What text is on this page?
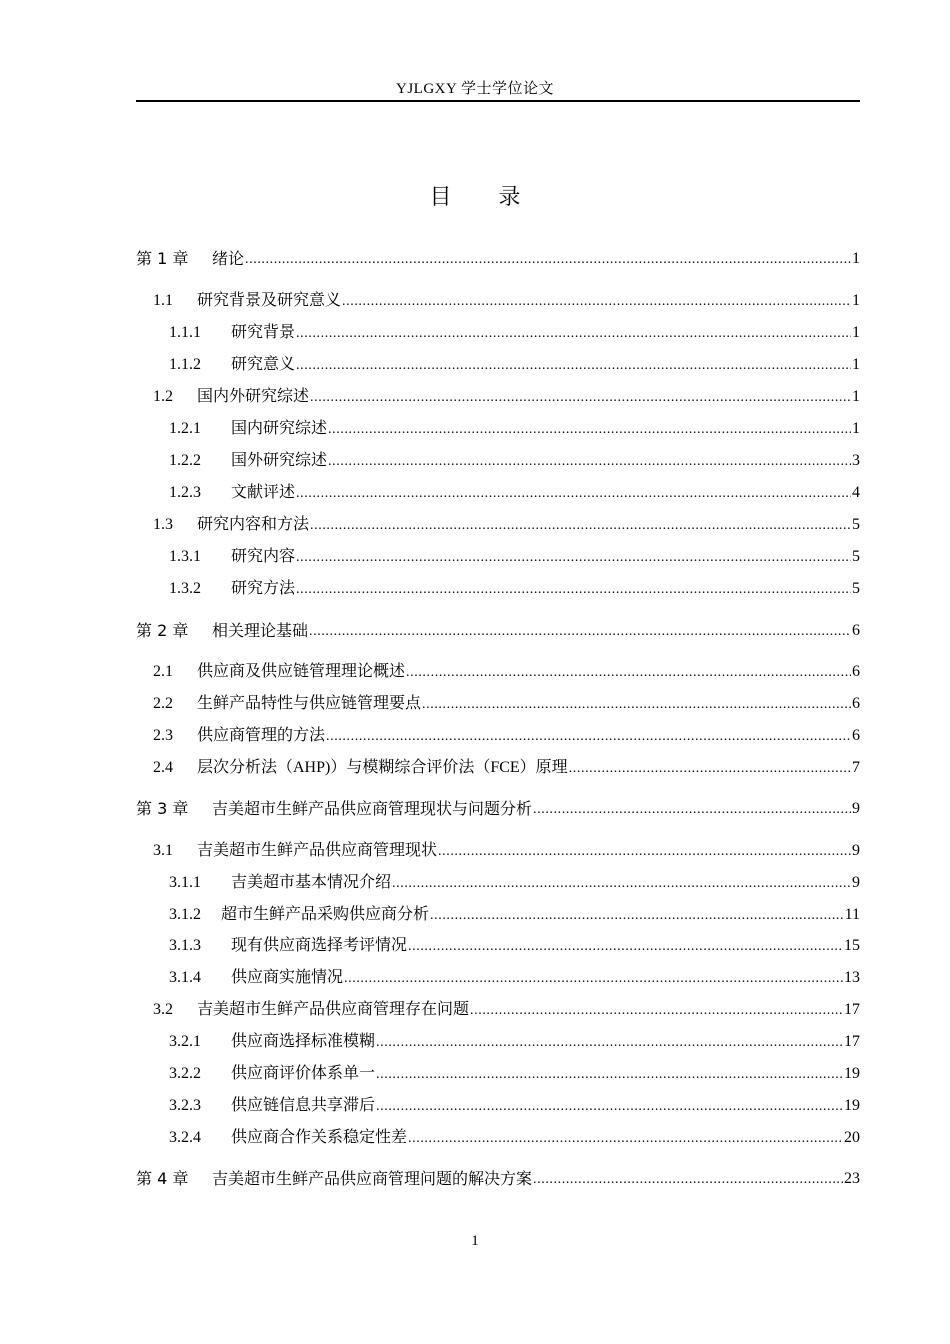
YJLGXY 学士学位论文
目 录
第 1 章	绪论 .....	1
1.1	研究背景及研究意义 .....	1
1.1.1	研究背景 .....	1
1.1.2	研究意义 .....	1
1.2	国内外研究综述 .....	1
1.2.1	国内研究综述 .....	1
1.2.2	国外研究综述 .....	3
1.2.3	文献评述 .....	4
1.3	研究内容和方法 .....	5
1.3.1	研究内容 .....	5
1.3.2	研究方法 .....	5
第 2 章	相关理论基础 .....	6
2.1	供应商及供应链管理理论概述 .....	6
2.2	生鲜产品特性与供应链管理要点 .....	6
2.3	供应商管理的方法 .....	6
2.4	层次分析法（AHP)）与模糊综合评价法（FCE）原理 .....	7
第 3 章	吉美超市生鲜产品供应商管理现状与问题分析 .....	9
3.1	吉美超市生鲜产品供应商管理现状 .....	9
3.1.1	吉美超市基本情况介绍 .....	9
3.1.2	超市生鲜产品采购供应商分析 .....	11
3.1.3	现有供应商选择考评情况 .....	15
3.1.4	供应商实施情况 .....	13
3.2	吉美超市生鲜产品供应商管理存在问题 .....	17
3.2.1	供应商选择标准模糊 .....	17
3.2.2	供应商评价体系单一 .....	19
3.2.3	供应链信息共享滞后 .....	19
3.2.4	供应商合作关系稳定性差 .....	20
第 4 章	吉美超市生鲜产品供应商管理问题的解决方案 .....	23
1
